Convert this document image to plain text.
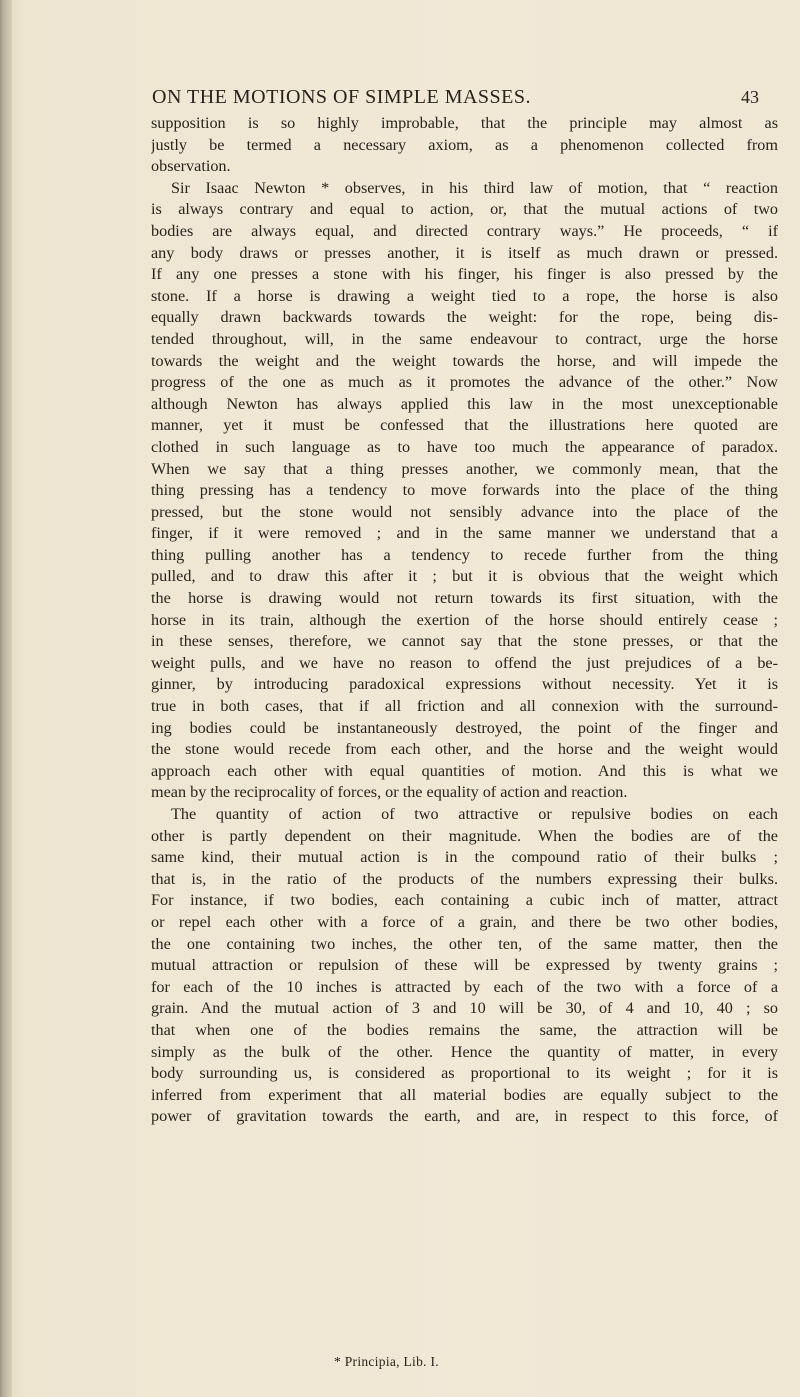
ON THE MOTIONS OF SIMPLE MASSES.	43
supposition is so highly improbable, that the principle may almost as
justly be termed a necessary axiom, as a phenomenon collected from
observation.
Sir Isaac Newton * observes, in his third law of motion, that “ reaction
is always contrary and equal to action, or, that the mutual actions of two
bodies are always equal, and directed contrary ways.” He proceeds, “ if
any body draws or presses another, it is itself as much drawn or pressed.
If any one presses a stone with his finger, his finger is also pressed by the
stone. If a horse is drawing a weight tied to a rope, the horse is also
equally drawn backwards towards the weight: for the rope, being dis-
tended throughout, will, in the same endeavour to contract, urge the horse
towards the weight and the weight towards the horse, and will impede the
progress of the one as much as it promotes the advance of the other.” Now
although Newton has always applied this law in the most unexceptionable
manner, yet it must be confessed that the illustrations here quoted are
clothed in such language as to have too much the appearance of paradox.
When we say that a thing presses another, we commonly mean, that the
thing pressing has a tendency to move forwards into the place of the thing
pressed, but the stone would not sensibly advance into the place of the
finger, if it were removed ; and in the same manner we understand that a
thing pulling another has a tendency to recede further from the thing
pulled, and to draw this after it ; but it is obvious that the weight which
the horse is drawing would not return towards its first situation, with the
horse in its train, although the exertion of the horse should entirely cease ;
in these senses, therefore, we cannot say that the stone presses, or that the
weight pulls, and we have no reason to offend the just prejudices of a be-
ginner, by introducing paradoxical expressions without necessity. Yet it is
true in both cases, that if all friction and all connexion with the surround-
ing bodies could be instantaneously destroyed, the point of the finger and
the stone would recede from each other, and the horse and the weight would
approach each other with equal quantities of motion. And this is what we
mean by the reciprocality of forces, or the equality of action and reaction.
The quantity of action of two attractive or repulsive bodies on each
other is partly dependent on their magnitude. When the bodies are of the
same kind, their mutual action is in the compound ratio of their bulks ;
that is, in the ratio of the products of the numbers expressing their bulks.
For instance, if two bodies, each containing a cubic inch of matter, attract
or repel each other with a force of a grain, and there be two other bodies,
the one containing two inches, the other ten, of the same matter, then the
mutual attraction or repulsion of these will be expressed by twenty grains ;
for each of the 10 inches is attracted by each of the two with a force of a
grain. And the mutual action of 3 and 10 will be 30, of 4 and 10, 40 ; so
that when one of the bodies remains the same, the attraction will be
simply as the bulk of the other. Hence the quantity of matter, in every
body surrounding us, is considered as proportional to its weight ; for it is
inferred from experiment that all material bodies are equally subject to the
power of gravitation towards the earth, and are, in respect to this force, of
* Principia, Lib. I.
